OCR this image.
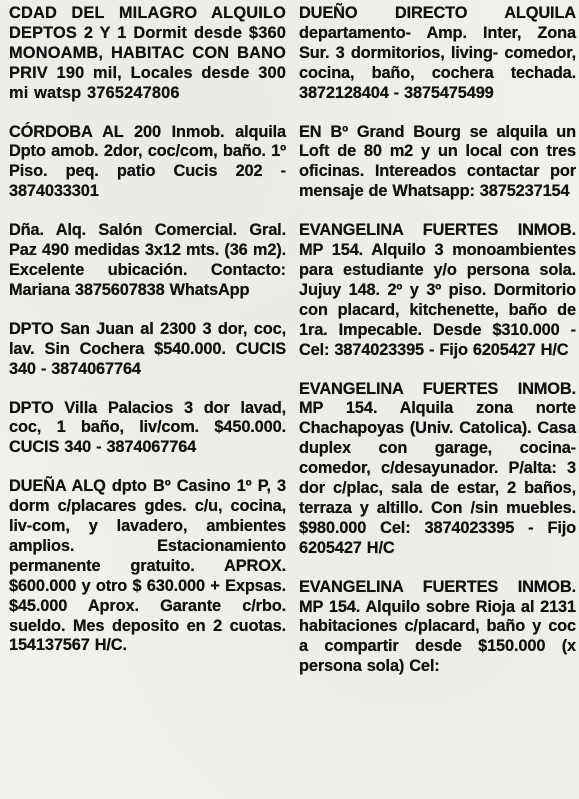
CDAD DEL MILAGRO ALQUILO DEPTOS 2 Y 1 Dormit desde $360 MONOAMB, HABITAC CON BANO PRIV 190 mil, Locales desde 300 mi watsp 3765247806

CÓRDOBA AL 200 Inmob. alquila Dpto amob. 2dor, coc/com, baño. 1º Piso. peq. patio Cucis 202 - 3874033301

Dña. Alq. Salón Comercial. Gral. Paz 490 medidas 3x12 mts. (36 m2). Excelente ubicación. Contacto: Mariana 3875607838 WhatsApp

DPTO San Juan al 2300 3 dor, coc, lav. Sin Cochera $540.000. CUCIS 340 - 3874067764

DPTO Villa Palacios 3 dor lavad, coc, 1 baño, liv/com. $450.000. CUCIS 340 - 3874067764

DUEÑA ALQ dpto Bº Casino 1º P, 3 dorm c/placares gdes. c/u, cocina, liv-com, y lavadero, ambientes amplios. Estacionamiento permanente gratuito. APROX. $600.000 y otro $ 630.000 + Expsas. $45.000 Aprox. Garante c/rbo. sueldo. Mes deposito en 2 cuotas. 154137567 H/C.

DUEÑO DIRECTO ALQUILA departamento- Amp. Inter, Zona Sur. 3 dormitorios, living- comedor, cocina, baño, cochera techada. 3872128404 - 3875475499

EN Bº Grand Bourg se alquila un Loft de 80 m2 y un local con tres oficinas. Intereados contactar por mensaje de Whatsapp: 3875237154

EVANGELINA FUERTES INMOB. MP 154. Alquilo 3 monoambientes para estudiante y/o persona sola. Jujuy 148. 2º y 3º piso. Dormitorio con placard, kitchenette, baño de 1ra. Impecable. Desde $310.000 - Cel: 3874023395 - Fijo 6205427 H/C

EVANGELINA FUERTES INMOB. MP 154. Alquila zona norte Chachapoyas (Univ. Catolica). Casa duplex con garage, cocina-comedor, c/desayunador. P/alta: 3 dor c/plac, sala de estar, 2 baños, terraza y altillo. Con /sin muebles. $980.000 Cel: 3874023395 - Fijo 6205427 H/C

EVANGELINA FUERTES INMOB. MP 154. Alquilo sobre Rioja al 2131 habitaciones c/placard, baño y coc a compartir desde $150.000 (x persona sola) Cel:
